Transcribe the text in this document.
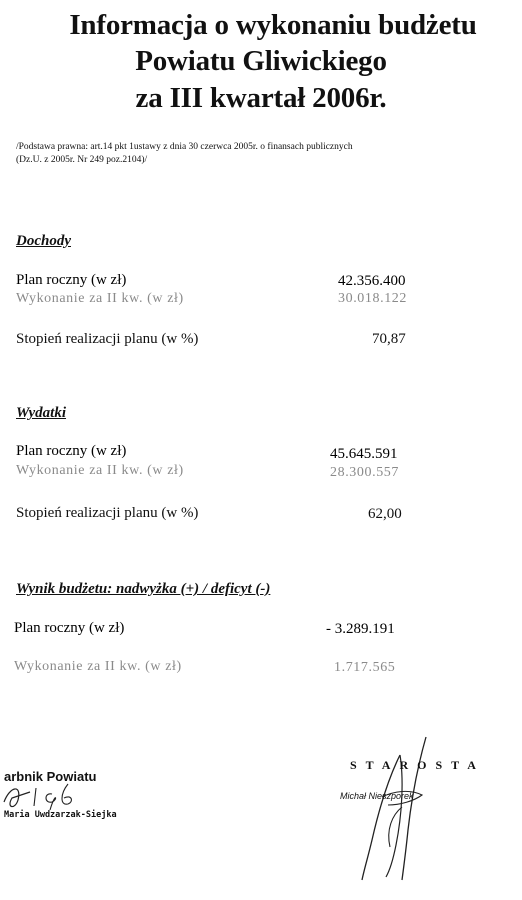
Informacja o wykonaniu budżetu
Powiatu Gliwickiego
za III kwartał 2006r.
/Podstawa prawna: art.14 pkt 1ustawy z dnia 30 czerwca 2005r. o finansach publicznych
(Dz.U. z 2005r. Nr 249 poz.2104)/
Dochody
Plan roczny (w zł)	42.356.400
Wykonanie za II kw. (w zł)	30.018.122
Stopień realizacji planu (w %)	70,87
Wydatki
Plan roczny (w zł)	45.645.591
Wykonanie za II kw. (w zł)	28.300.557
Stopień realizacji planu (w %)	62,00
Wynik budżetu: nadwyżka (+) / deficyt (-)
Plan roczny (w zł)	- 3.289.191
Wykonanie za II kw. (w zł)	1.717.565
arbnik Powiatu
Maria Uwdzarzak-Siejka
STAROSTA
Michał Nieszporek
